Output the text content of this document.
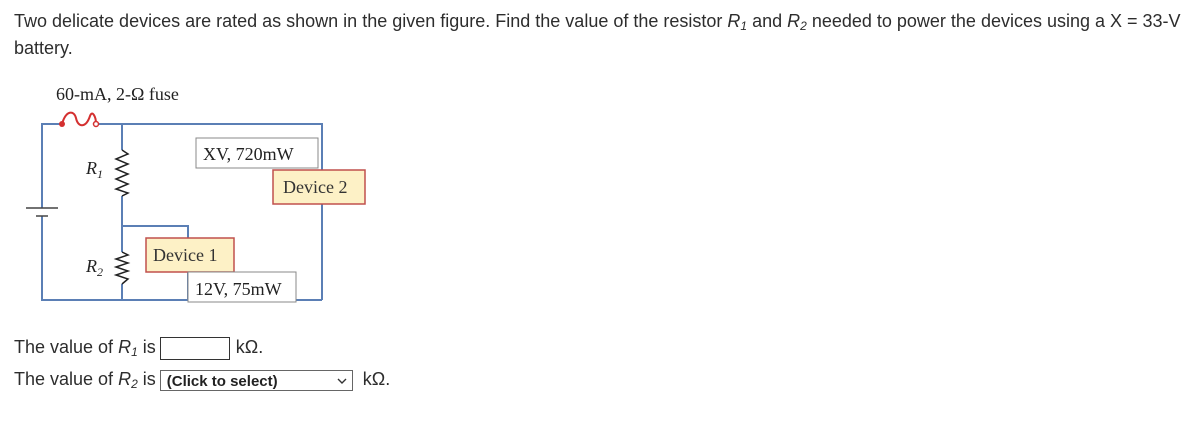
Two delicate devices are rated as shown in the given figure. Find the value of the resistor $R_1$ and $R_2$ needed to power the devices using a X = 33-V battery.
60-mA, 2-Ω fuse
$R_1$
$R_2$
XV, 720mW
Device 2
Device 1
12V, 75mW
The value of $R_1$ is	kΩ.
The value of $R_2$ is (Click to select)	kΩ.
